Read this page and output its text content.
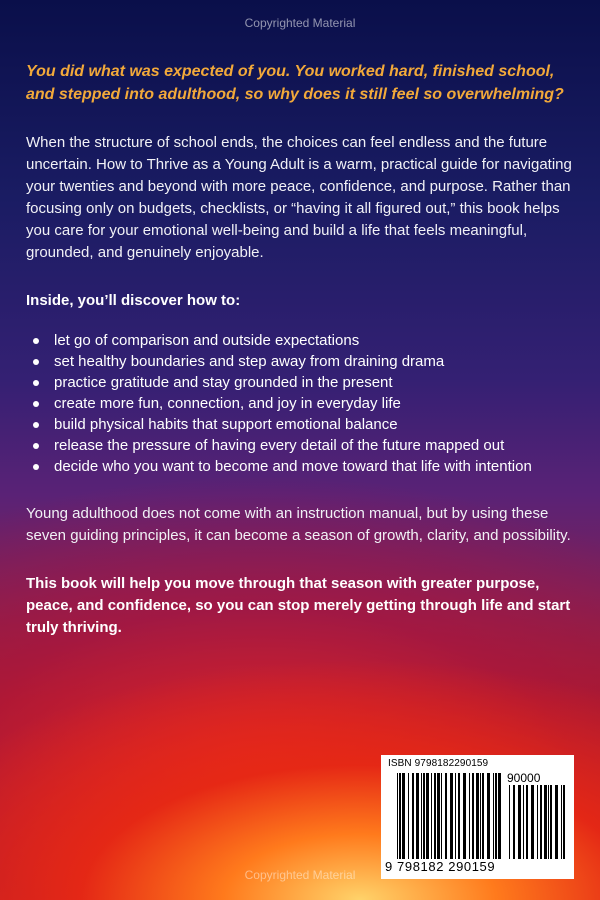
Copyrighted Material

You did what was expected of you. You worked hard, finished school, and stepped into adulthood, so why does it still feel so overwhelming?

When the structure of school ends, the choices can feel endless and the future uncertain. How to Thrive as a Young Adult is a warm, practical guide for navigating your twenties and beyond with more peace, confidence, and purpose. Rather than focusing only on budgets, checklists, or “having it all figured out,” this book helps you care for your emotional well-being and build a life that feels meaningful, grounded, and genuinely enjoyable.

Inside, you’ll discover how to:

let go of comparison and outside expectations
set healthy boundaries and step away from draining drama
practice gratitude and stay grounded in the present
create more fun, connection, and joy in everyday life
build physical habits that support emotional balance
release the pressure of having every detail of the future mapped out
decide who you want to become and move toward that life with intention

Young adulthood does not come with an instruction manual, but by using these seven guiding principles, it can become a season of growth, clarity, and possibility.

This book will help you move through that season with greater purpose, peace, and confidence, so you can stop merely getting through life and start truly thriving.

ISBN 9798182290159
90000
9 798182 290159
Copyrighted Material
